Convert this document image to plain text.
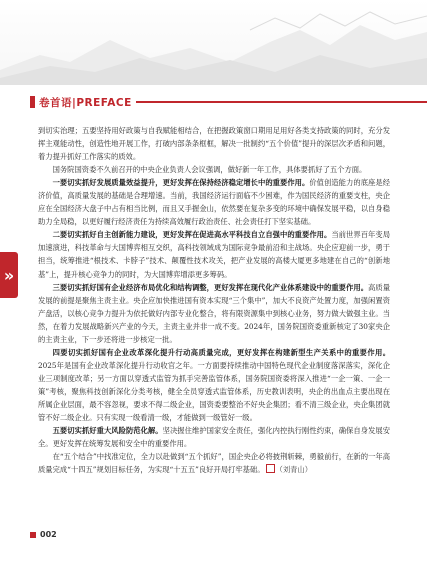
卷首语|PREFACE
»

到切实治理；五要坚持用好政策与自我赋能相结合，在把握政策窗口期用足用好各类支持政策的同时，充分发挥主观能动性，创造性地开展工作，打破内部条条框框，解决一批制约“五个价值”提升的深层次矛盾和问题，着力提升抓好工作落实的质效。

国务院国资委不久前召开的中央企业负责人会议强调，做好新一年工作，具体要抓好了五个方面。

一要切实抓好发展质量效益提升，更好发挥在保持经济稳定增长中的重要作用。价值创造能力的底座是经济价值，高质量发展的基础是合理增速。当前，我国经济运行面临不少困难，作为国民经济的重要支柱，央企应在全国经济大盘子中占有相当比例，而且又手握金山，依然要在复杂多变的环境中确保发展平稳，以自身稳助力全局稳，以更好履行经济责任为持续高效履行政治责任、社会责任打下坚实基础。

二要切实抓好自主创新能力建设，更好发挥在促进高水平科技自立自强中的重要作用。当前世界百年变局加速演进，科技革命与大国博弈相互交织，高科技领域成为国际竞争最前沿和主战场。央企应迎前一步，勇于担当，统筹推进“根技术、卡脖子”技术、颠覆性技术攻关，把产业发展的高楼大厦更多地建在自己的“创新地基”上，提升核心竞争力的同时，为大国博弈增添更多筹码。

三要切实抓好国有企业经济布局优化和结构调整，更好发挥在现代化产业体系建设中的重要作用。高质量发展的前提是聚焦主责主业。央企应加快推进国有资本实现“三个集中”，加大不良资产处置力度，加强闲置资产盘活，以核心竞争力提升为依托做好内部专业化整合，将有限资源集中到核心业务，努力做大做强主业。当然，在着力发展战略新兴产业的今天，主责主业并非一成不变。2024年，国务院国资委重新核定了30家央企的主责主业，下一步还将进一步核定一批。

四要切实抓好国有企业改革深化提升行动高质量完成，更好发挥在构建新型生产关系中的重要作用。2025年是国有企业改革深化提升行动收官之年。一方面要持续推动中国特色现代企业制度落深落实，深化企业三项制度改革；另一方面以穿透式监管为抓手完善监管体系，国务院国资委将深入推进“一企一策、一企一策”考核，聚焦科技创新深化分类考核，健全全员穿透式监管体系，历史教训表明，央企的出血点主要出现在所属企业层面，最不容忽视，要求不得二级企业，国资委要整治不好央企集团；看不清三级企业，央企集团就管不好二级企业。只有实现一级看清一级，才能做到一级管好一级。

五要切实抓好重大风险防范化解。坚决握住维护国家安全责任，强化内控执行刚性约束，确保自身发展安全。更好发挥在统筹发展和安全中的重要作用。

在“五个结合”中找准定位，全力以赴做到“五个抓好”，国企央企必将披荆斩棘，勇毅前行，在新的一年高质量完成“十四五”规划目标任务，为实现“十五五”良好开局打牢基础。 （刘青山）

002
